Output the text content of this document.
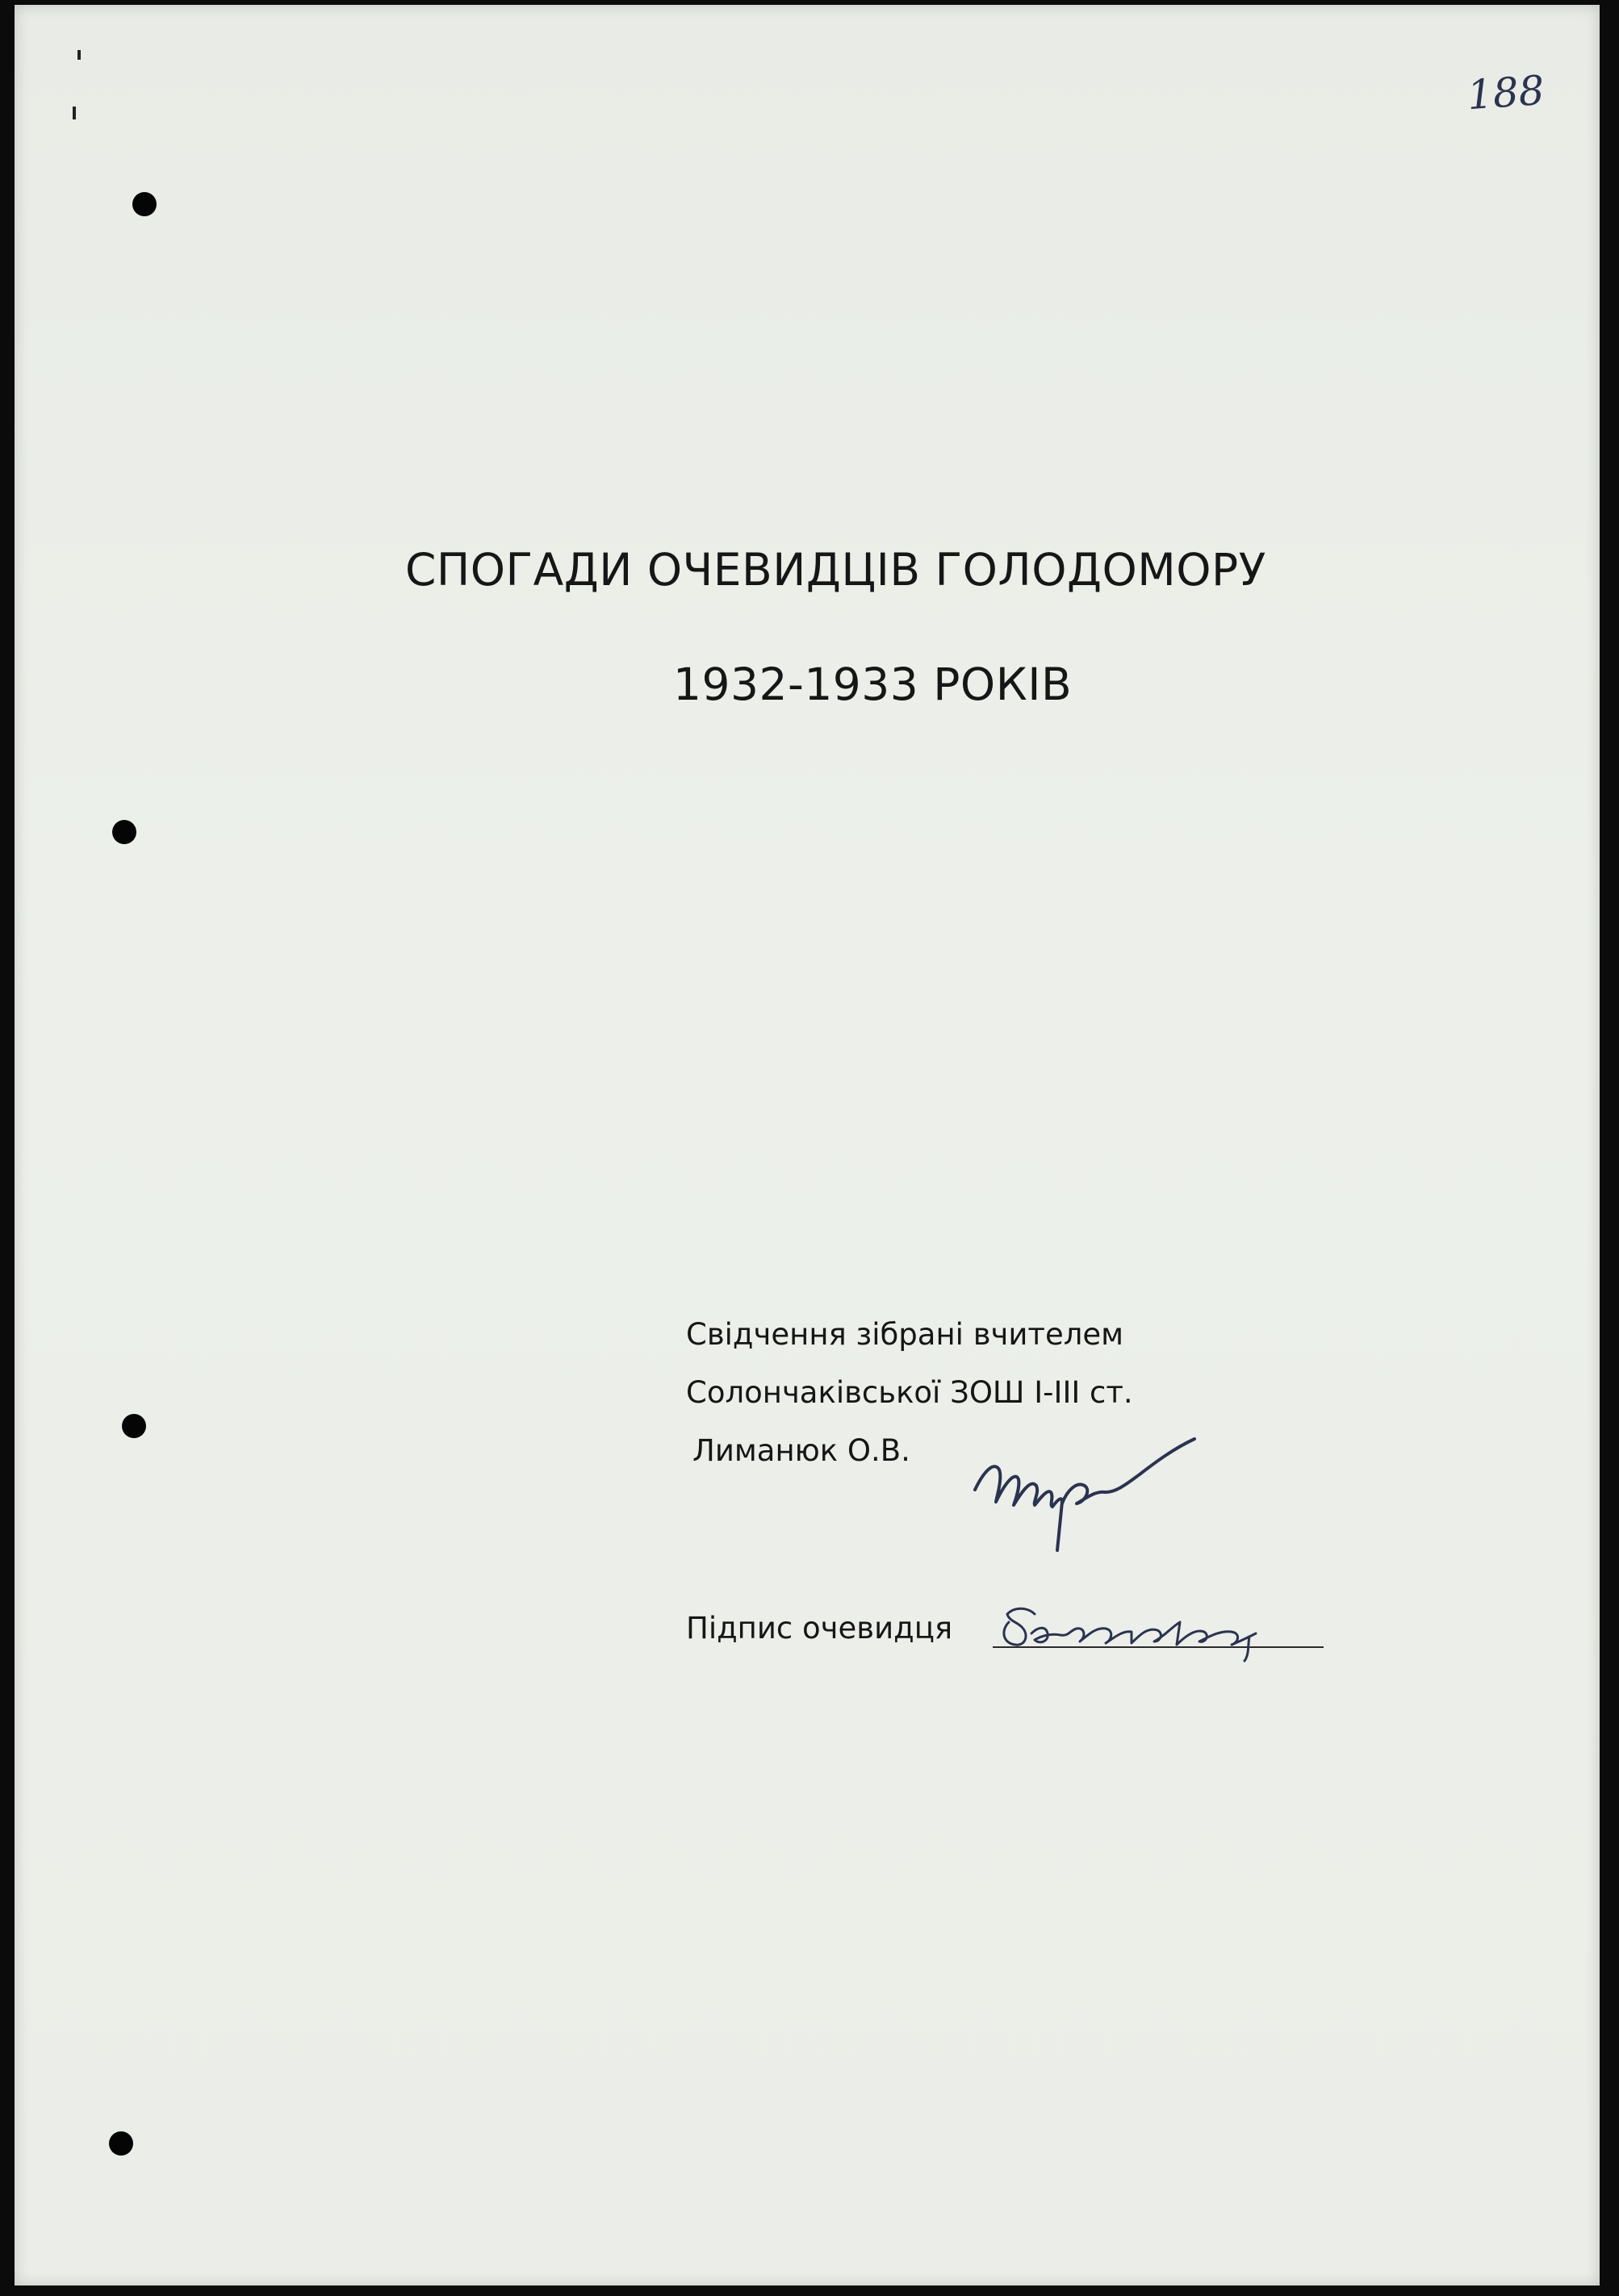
188
СПОГАДИ ОЧЕВИДЦІВ ГОЛОДОМОРУ
1932-1933 РОКІВ
Свідчення зібрані вчителем
Солончаківської ЗОШ І-ІІІ ст.
Лиманюк О.В.
Підпис очевидця
